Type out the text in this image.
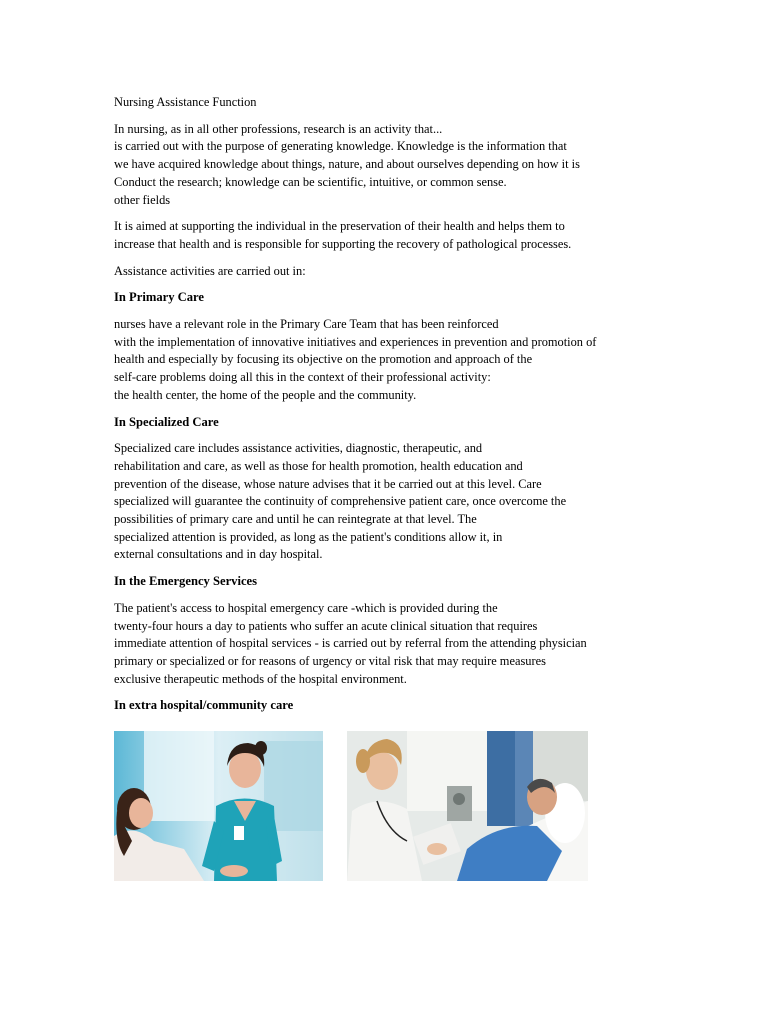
Nursing Assistance Function
In nursing, as in all other professions, research is an activity that...
is carried out with the purpose of generating knowledge. Knowledge is the information that
we have acquired knowledge about things, nature, and about ourselves depending on how it is
Conduct the research; knowledge can be scientific, intuitive, or common sense.
other fields
It is aimed at supporting the individual in the preservation of their health and helps them to
increase that health and is responsible for supporting the recovery of pathological processes.
Assistance activities are carried out in:
In Primary Care
nurses have a relevant role in the Primary Care Team that has been reinforced
with the implementation of innovative initiatives and experiences in prevention and promotion of
health and especially by focusing its objective on the promotion and approach of the
self-care problems doing all this in the context of their professional activity:
the health center, the home of the people and the community.
In Specialized Care
Specialized care includes assistance activities, diagnostic, therapeutic, and
rehabilitation and care, as well as those for health promotion, health education and
prevention of the disease, whose nature advises that it be carried out at this level. Care
specialized will guarantee the continuity of comprehensive patient care, once overcome the
possibilities of primary care and until he can reintegrate at that level. The
specialized attention is provided, as long as the patient's conditions allow it, in
external consultations and in day hospital.
In the Emergency Services
The patient's access to hospital emergency care -which is provided during the
twenty-four hours a day to patients who suffer an acute clinical situation that requires
immediate attention of hospital services - is carried out by referral from the attending physician
primary or specialized or for reasons of urgency or vital risk that may require measures
exclusive therapeutic methods of the hospital environment.
In extra hospital/community care
